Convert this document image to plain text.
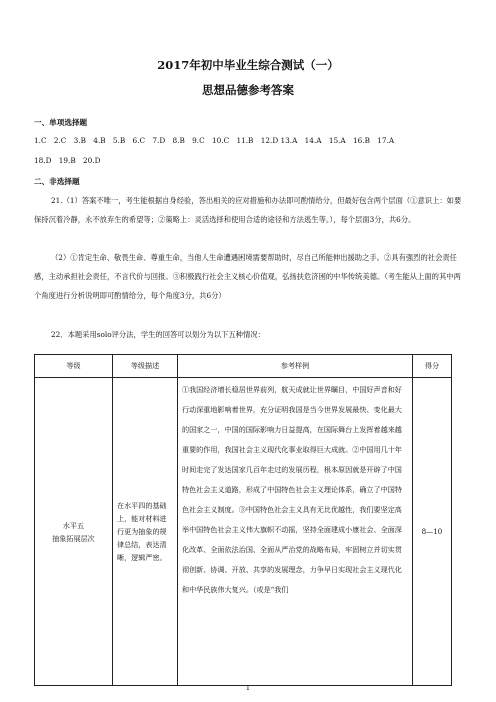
2017年初中毕业生综合测试（一）
思想品德参考答案
一、单项选择题
1.C　2.C　3.B　4.B　5.B　6.C　7.D　8.B　9.C　10.C　11.B　12.D 13.A　14.A　15.A　16.B　17.A
18.D　19.B　20.D
二、非选择题
21.（1）答案不唯一，考生能根据自身经验，答出相关的应对措施和办法即可酌情给分，但最好包含两个层面（①意识上：如要保持沉着冷静，永不放弃生的希望等；②策略上：灵活选择和使用合适的途径和方法逃生等。），每个层面3分，共6分。
（2）①肯定生命、敬畏生命、尊重生命，当他人生命遭遇困境需要帮助时，尽自己所能伸出援助之手。②具有强烈的社会责任感，主动承担社会责任，不言代价与回报。③积极践行社会主义核心价值观，弘扬扶危济困的中华传统美德。（考生能从上面的其中两个角度进行分析说明即可酌情给分，每个角度3分，共6分）
22．本题采用solo评分法，学生的回答可以划分为以下五种情况：
等级	等级描述	参考样例	得分

水平五
抽象拓展层次	在水平四的基础上，能对材料进行更为抽象的规律总结，表达清晰，逻辑严密。	①我国经济增长稳居世界前列，航天成就让世界瞩目，中国好声音和好行动深重地影响着世界，充分证明我国是当今世界发展最快、变化最大的国家之一，中国的国际影响力日益提高，在国际舞台上发挥着越来越重要的作用，我国社会主义现代化事业取得巨大成就。②中国用几十年时间走完了发达国家几百年走过的发展历程，根本原因就是开辟了中国特色社会主义道路，形成了中国特色社会主义理论体系，确立了中国特色社会主义制度。③中国特色社会主义具有无比优越性，我们要坚定高举中国特色社会主义伟大旗帜不动摇，坚持全面建成小康社会、全面深化改革、全面依法治国、全面从严治党的战略布局，牢固树立并切实贯彻创新、协调、开放、共享的发展理念，力争早日实现社会主义现代化和中华民族伟大复兴。（或是“我们	8—10
1
